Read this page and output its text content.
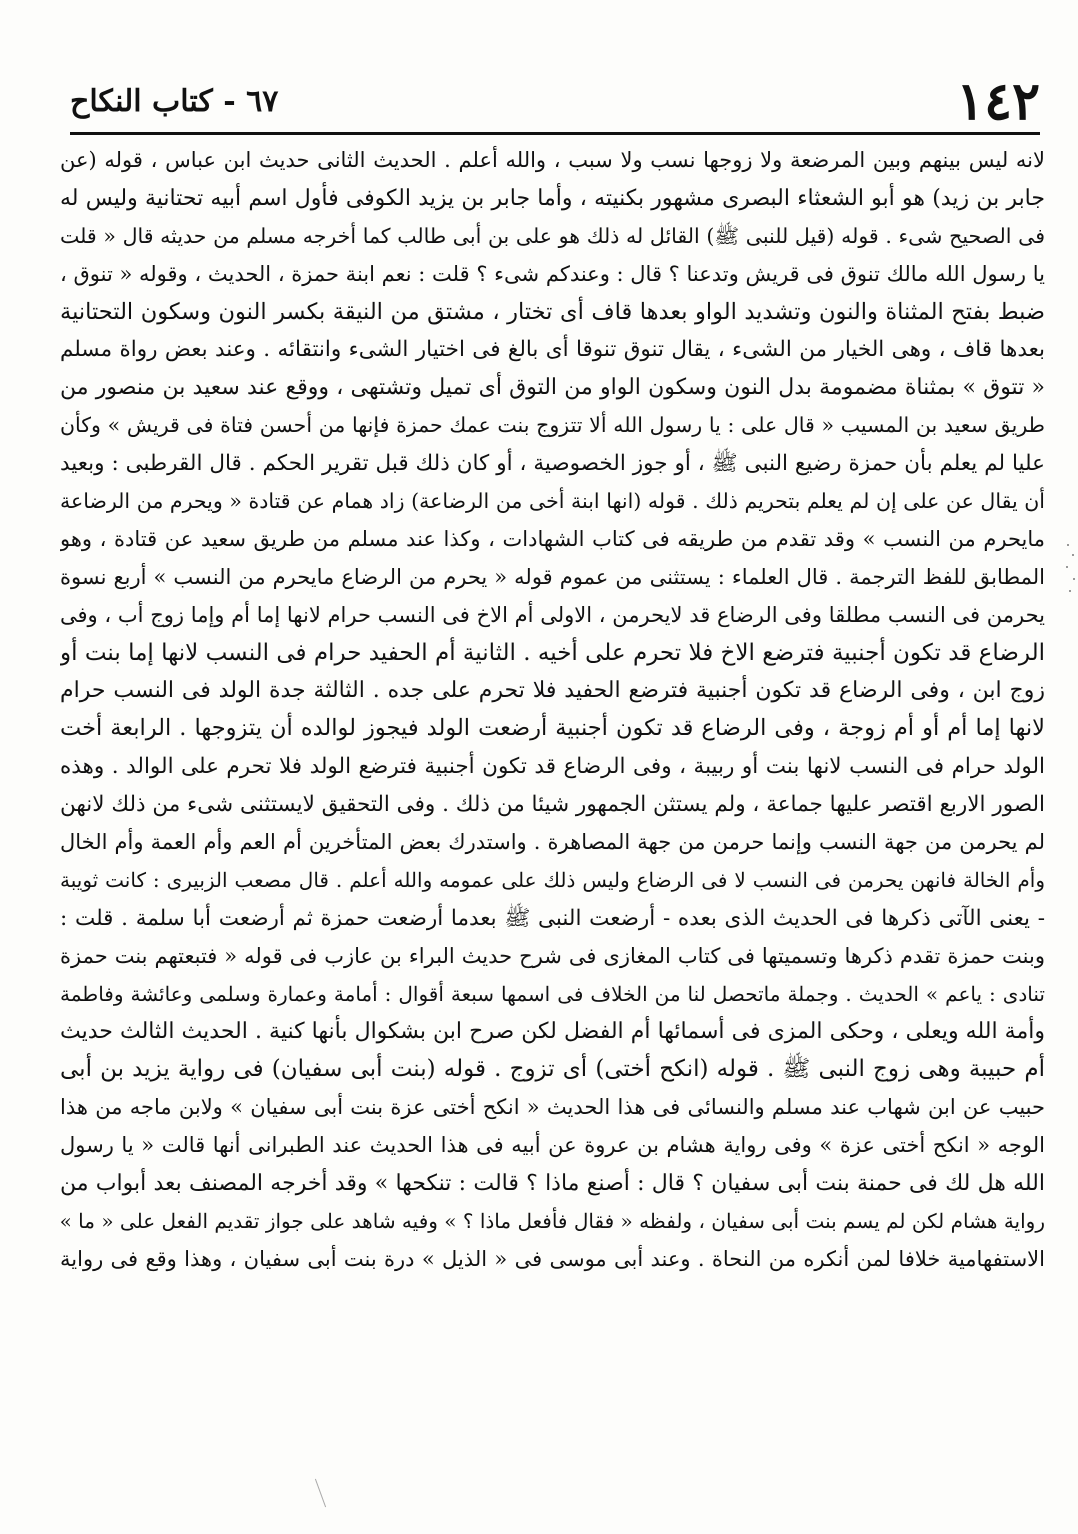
١٤٢
٦٧ - كتاب النكاح
لانه ليس بينهم وبين المرضعة ولا زوجها نسب ولا سبب ، والله أعلم . الحديث الثانى حديث ابن عباس ، قوله (عن
جابر بن زيد) هو أبو الشعثاء البصرى مشهور بكنيته ، وأما جابر بن يزيد الكوفى فأول اسم أبيه تحتانية وليس له
فى الصحيح شىء . قوله (قيل للنبى ﷺ) القائل له ذلك هو على بن أبى طالب كما أخرجه مسلم من حديثه قال « قلت
يا رسول الله مالك تنوق فى قريش وتدعنا ؟ قال : وعندكم شىء ؟ قلت : نعم ابنة حمزة ، الحديث ، وقوله « تنوق ،
ضبط بفتح المثناة والنون وتشديد الواو بعدها قاف أى تختار ، مشتق من النيقة بكسر النون وسكون التحتانية
بعدها قاف ، وهى الخيار من الشىء ، يقال تنوق تنوقا أى بالغ فى اختيار الشىء وانتقائه . وعند بعض رواة مسلم
« تتوق » بمثناة مضمومة بدل النون وسكون الواو من التوق أى تميل وتشتهى ، ووقع عند سعيد بن منصور من
طريق سعيد بن المسيب « قال على : يا رسول الله ألا تتزوج بنت عمك حمزة فإنها من أحسن فتاة فى قريش » وكأن
عليا لم يعلم بأن حمزة رضيع النبى ﷺ ، أو جوز الخصوصية ، أو كان ذلك قبل تقرير الحكم . قال القرطبى : وبعيد
أن يقال عن على إن لم يعلم بتحريم ذلك . قوله (انها ابنة أخى من الرضاعة) زاد همام عن قتادة « ويحرم من الرضاعة
مايحرم من النسب » وقد تقدم من طريقه فى كتاب الشهادات ، وكذا عند مسلم من طريق سعيد عن قتادة ، وهو
المطابق للفظ الترجمة . قال العلماء : يستثنى من عموم قوله « يحرم من الرضاع مايحرم من النسب » أربع نسوة
يحرمن فى النسب مطلقا وفى الرضاع قد لايحرمن ، الاولى أم الاخ فى النسب حرام لانها إما أم وإما زوج أب ، وفى
الرضاع قد تكون أجنبية فترضع الاخ فلا تحرم على أخيه . الثانية أم الحفيد حرام فى النسب لانها إما بنت أو
زوج ابن ، وفى الرضاع قد تكون أجنبية فترضع الحفيد فلا تحرم على جده . الثالثة جدة الولد فى النسب حرام
لانها إما أم أو أم زوجة ، وفى الرضاع قد تكون أجنبية أرضعت الولد فيجوز لوالده أن يتزوجها . الرابعة أخت
الولد حرام فى النسب لانها بنت أو ربيبة ، وفى الرضاع قد تكون أجنبية فترضع الولد فلا تحرم على الوالد . وهذه
الصور الاربع اقتصر عليها جماعة ، ولم يستثن الجمهور شيئا من ذلك . وفى التحقيق لايستثنى شىء من ذلك لانهن
لم يحرمن من جهة النسب وإنما حرمن من جهة المصاهرة . واستدرك بعض المتأخرين أم العم وأم العمة وأم الخال
وأم الخالة فانهن يحرمن فى النسب لا فى الرضاع وليس ذلك على عمومه والله أعلم . قال مصعب الزبيرى : كانت ثويبة
- يعنى الآتى ذكرها فى الحديث الذى بعده - أرضعت النبى ﷺ بعدما أرضعت حمزة ثم أرضعت أبا سلمة . قلت :
وبنت حمزة تقدم ذكرها وتسميتها فى كتاب المغازى فى شرح حديث البراء بن عازب فى قوله « فتبعتهم بنت حمزة
تنادى : ياعم » الحديث . وجملة ماتحصل لنا من الخلاف فى اسمها سبعة أقوال : أمامة وعمارة وسلمى وعائشة وفاطمة
وأمة الله ويعلى ، وحكى المزى فى أسمائها أم الفضل لكن صرح ابن بشكوال بأنها كنية . الحديث الثالث حديث
أم حبيبة وهى زوج النبى ﷺ . قوله (انكح أختى) أى تزوج . قوله (بنت أبى سفيان) فى رواية يزيد بن أبى
حبيب عن ابن شهاب عند مسلم والنسائى فى هذا الحديث « انكح أختى عزة بنت أبى سفيان » ولابن ماجه من هذا
الوجه « انكح أختى عزة » وفى رواية هشام بن عروة عن أبيه فى هذا الحديث عند الطبرانى أنها قالت « يا رسول
الله هل لك فى حمنة بنت أبى سفيان ؟ قال : أصنع ماذا ؟ قالت : تنكحها » وقد أخرجه المصنف بعد أبواب من
رواية هشام لكن لم يسم بنت أبى سفيان ، ولفظه « فقال فأفعل ماذا ؟ » وفيه شاهد على جواز تقديم الفعل على « ما »
الاستفهامية خلافا لمن أنكره من النحاة . وعند أبى موسى فى « الذيل » درة بنت أبى سفيان ، وهذا وقع فى رواية
